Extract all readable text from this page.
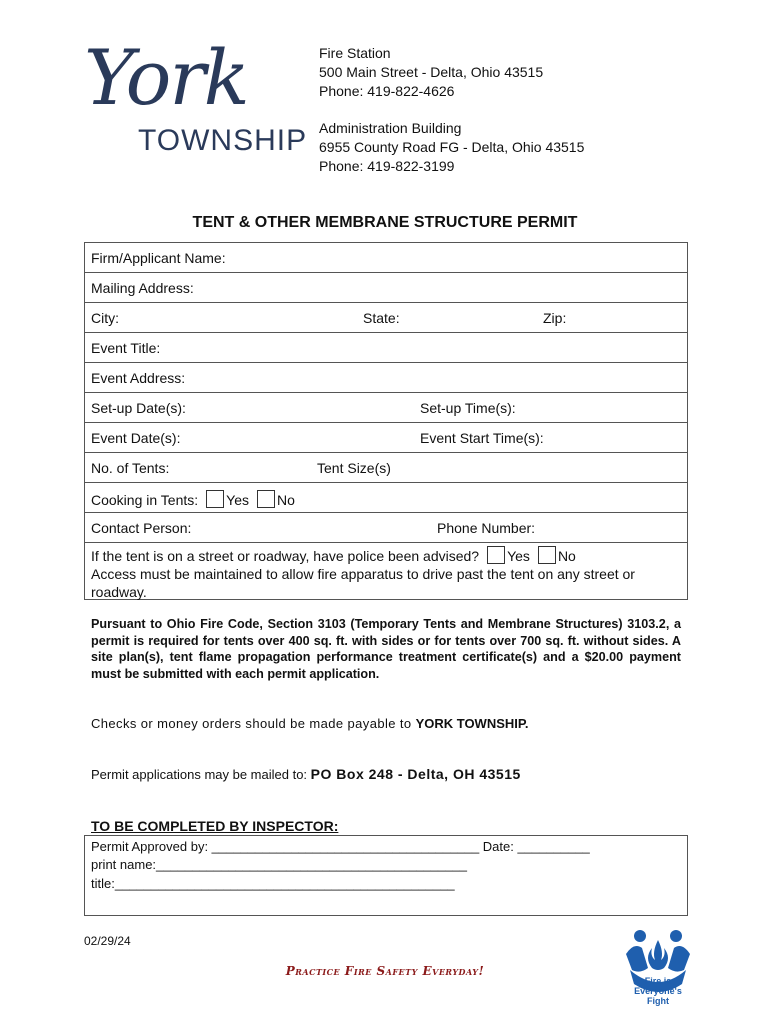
York
TOWNSHIP
Fire Station
500 Main Street - Delta, Ohio 43515
Phone: 419-822-4626
Administration Building
6955 County Road FG - Delta, Ohio 43515
Phone: 419-822-3199
TENT & OTHER MEMBRANE STRUCTURE PERMIT
Firm/Applicant Name:
Mailing Address:
City:	State:	Zip:
Event Title:
Event Address:
Set-up Date(s):	Set-up Time(s):
Event Date(s):	Event Start Time(s):
No. of Tents:	Tent Size(s)
Cooking in Tents: Yes No
Contact Person:	Phone Number:
If the tent is on a street or roadway, have police been advised? Yes No
Access must be maintained to allow fire apparatus to drive past the tent on any street or roadway.
Pursuant to Ohio Fire Code, Section 3103 (Temporary Tents and Membrane Structures) 3103.2, a permit is required for tents over 400 sq. ft. with sides or for tents over 700 sq. ft. without sides. A site plan(s), tent flame propagation performance treatment certificate(s) and a $20.00 payment must be submitted with each permit application.
Checks or money orders should be made payable to YORK TOWNSHIP.
Permit applications may be mailed to: PO Box 248 - Delta, OH 43515
TO BE COMPLETED BY INSPECTOR:
Permit Approved by: _____________________________________ Date: __________
print name:___________________________________________
title:_______________________________________________
02/29/24
Practice Fire Safety Everyday!
Fire is
Everyone's
Fight
